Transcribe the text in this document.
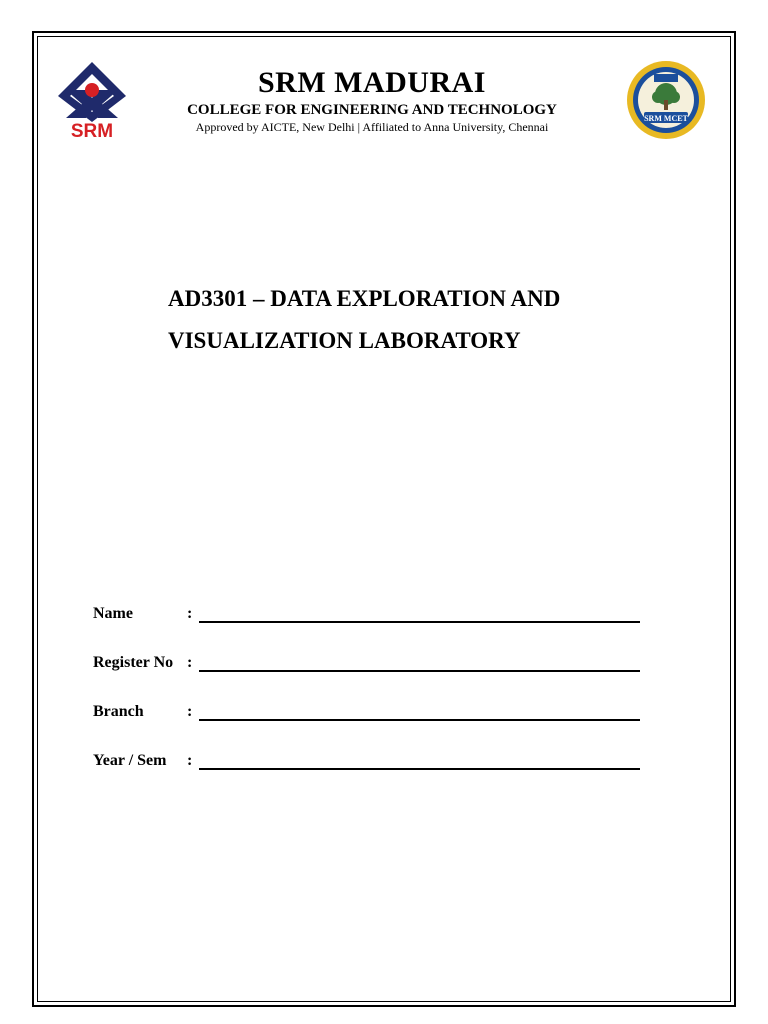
SRM
SRM MCET
SRM MADURAI
COLLEGE FOR ENGINEERING AND TECHNOLOGY
Approved by AICTE, New Delhi | Affiliated to Anna University, Chennai
AD3301 – DATA EXPLORATION AND
VISUALIZATION LABORATORY
Name	:
Register No :
Branch	:
Year / Sem :
